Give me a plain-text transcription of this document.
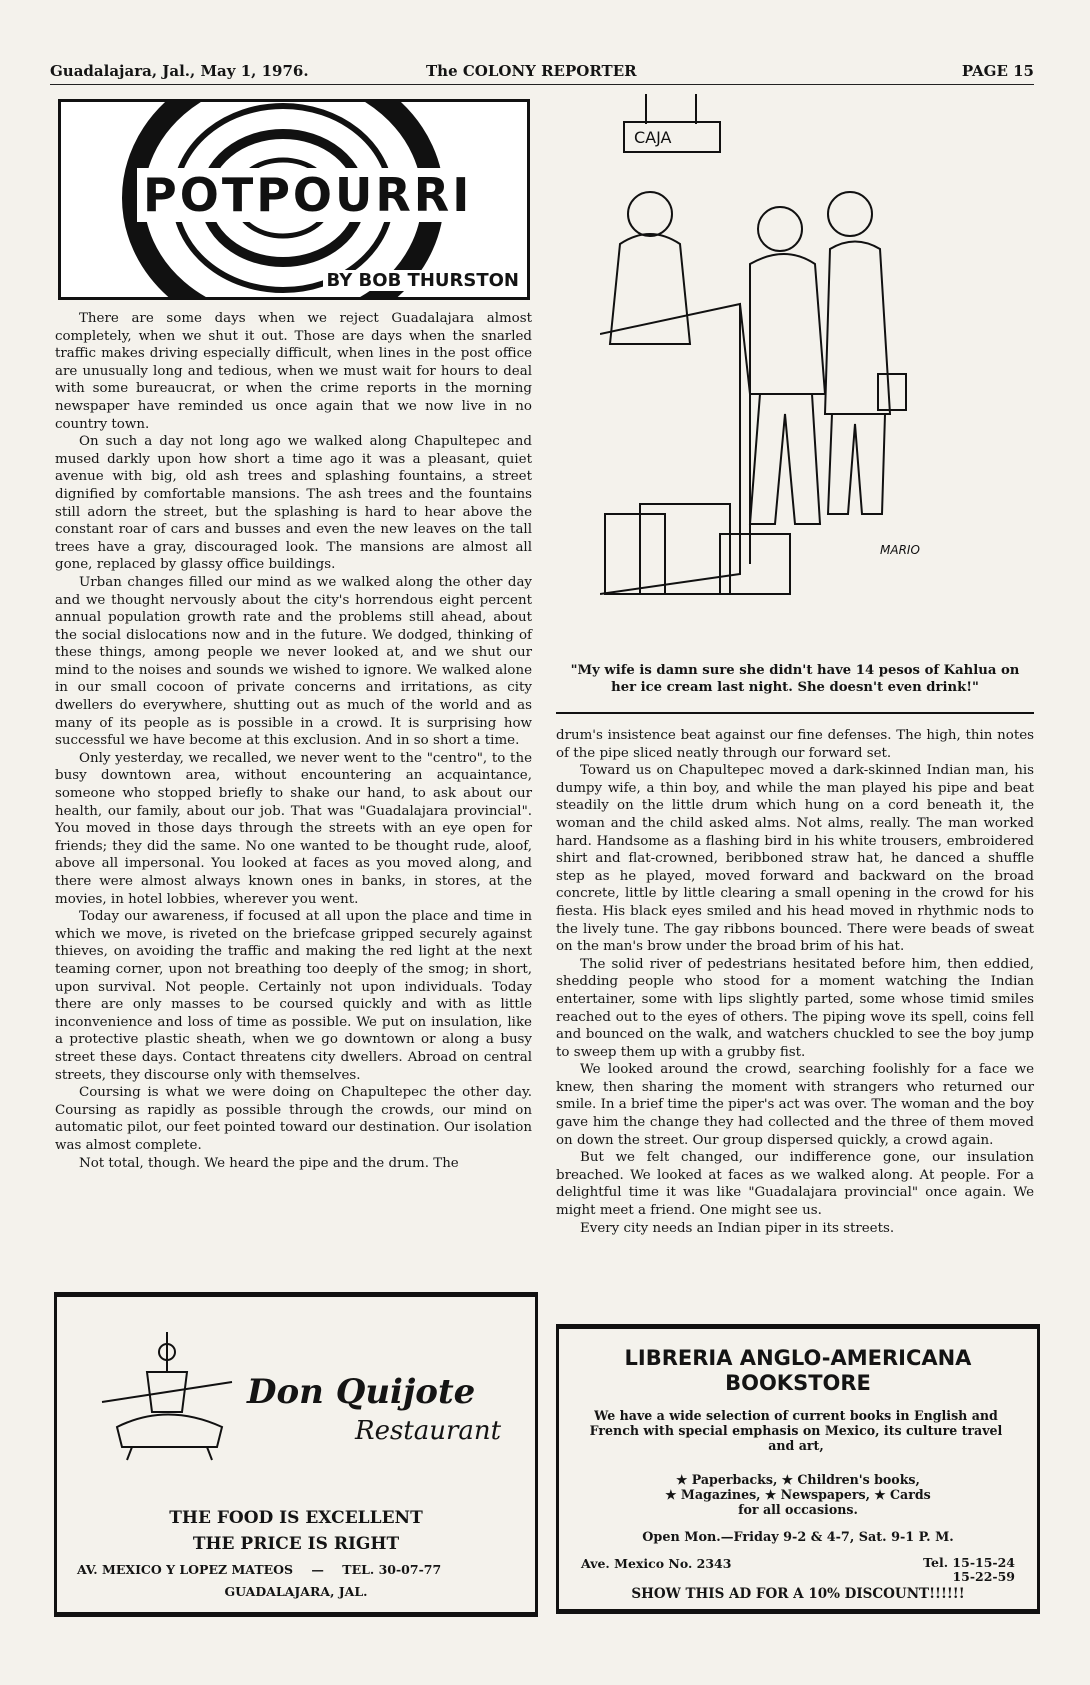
Guadalajara, Jal., May 1, 1976.	The COLONY REPORTER	PAGE 15
POTPOURRI
BY BOB THURSTON

There are some days when we reject Guadalajara almost completely, when we shut it out. Those are days when the snarled traffic makes driving especially difficult, when lines in the post office are unusually long and tedious, when we must wait for hours to deal with some bureaucrat, or when the crime reports in the morning newspaper have reminded us once again that we now live in no country town.

On such a day not long ago we walked along Chapultepec and mused darkly upon how short a time ago it was a pleasant, quiet avenue with big, old ash trees and splashing fountains, a street dignified by comfortable mansions. The ash trees and the fountains still adorn the street, but the splashing is hard to hear above the constant roar of cars and busses and even the new leaves on the tall trees have a gray, discouraged look. The mansions are almost all gone, replaced by glassy office buildings.

Urban changes filled our mind as we walked along the other day and we thought nervously about the city's horrendous eight percent annual population growth rate and the problems still ahead, about the social dislocations now and in the future. We dodged, thinking of these things, among people we never looked at, and we shut our mind to the noises and sounds we wished to ignore. We walked alone in our small cocoon of private concerns and irritations, as city dwellers do everywhere, shutting out as much of the world and as many of its people as is possible in a crowd. It is surprising how successful we have become at this exclusion. And in so short a time.

Only yesterday, we recalled, we never went to the "centro", to the busy downtown area, without encountering an acquaintance, someone who stopped briefly to shake our hand, to ask about our health, our family, about our job. That was "Guadalajara provincial". You moved in those days through the streets with an eye open for friends; they did the same. No one wanted to be thought rude, aloof, above all impersonal. You looked at faces as you moved along, and there were almost always known ones in banks, in stores, at the movies, in hotel lobbies, wherever you went.

Today our awareness, if focused at all upon the place and time in which we move, is riveted on the briefcase gripped securely against thieves, on avoiding the traffic and making the red light at the next teaming corner, upon not breathing too deeply of the smog; in short, upon survival. Not people. Certainly not upon individuals. Today there are only masses to be coursed quickly and with as little inconvenience and loss of time as possible. We put on insulation, like a protective plastic sheath, when we go downtown or along a busy street these days. Contact threatens city dwellers. Abroad on central streets, they discourse only with themselves.

Coursing is what we were doing on Chapultepec the other day. Coursing as rapidly as possible through the crowds, our mind on automatic pilot, our feet pointed toward our destination. Our isolation was almost complete.

Not total, though. We heard the pipe and the drum. The

MARIO
CAJA
"My wife is damn sure she didn't have 14 pesos of Kahlua on her ice cream last night. She doesn't even drink!"

drum's insistence beat against our fine defenses. The high, thin notes of the pipe sliced neatly through our forward set.

Toward us on Chapultepec moved a dark-skinned Indian man, his dumpy wife, a thin boy, and while the man played his pipe and beat steadily on the little drum which hung on a cord beneath it, the woman and the child asked alms. Not alms, really. The man worked hard. Handsome as a flashing bird in his white trousers, embroidered shirt and flat-crowned, beribboned straw hat, he danced a shuffle step as he played, moved forward and backward on the broad concrete, little by little clearing a small opening in the crowd for his fiesta. His black eyes smiled and his head moved in rhythmic nods to the lively tune. The gay ribbons bounced. There were beads of sweat on the man's brow under the broad brim of his hat.

The solid river of pedestrians hesitated before him, then eddied, shedding people who stood for a moment watching the Indian entertainer, some with lips slightly parted, some whose timid smiles reached out to the eyes of others. The piping wove its spell, coins fell and bounced on the walk, and watchers chuckled to see the boy jump to sweep them up with a grubby fist.

We looked around the crowd, searching foolishly for a face we knew, then sharing the moment with strangers who returned our smile. In a brief time the piper's act was over. The woman and the boy gave him the change they had collected and the three of them moved on down the street. Our group dispersed quickly, a crowd again.

But we felt changed, our indifference gone, our insulation breached. We looked at faces as we walked along. At people. For a delightful time it was like "Guadalajara provincial" once again. We might meet a friend. One might see us.

Every city needs an Indian piper in its streets.

Don Quijote
Restaurant
THE FOOD IS EXCELLENT
THE PRICE IS RIGHT
AV. MEXICO Y LOPEZ MATEOS — TEL. 30-07-77
GUADALAJARA, JAL.
LIBRERIA ANGLO-AMERICANA
BOOKSTORE
We have a wide selection of current books in English and French with special emphasis on Mexico, its culture travel and art,
★ Paperbacks, ★ Children's books,
★ Magazines, ★ Newspapers, ★ Cards
for all occasions.
Open Mon.—Friday 9-2 & 4-7, Sat. 9-1 P. M.
Ave. Mexico No. 2343	Tel. 15-15-24
15-22-59
SHOW THIS AD FOR A 10% DISCOUNT!!!!!!
